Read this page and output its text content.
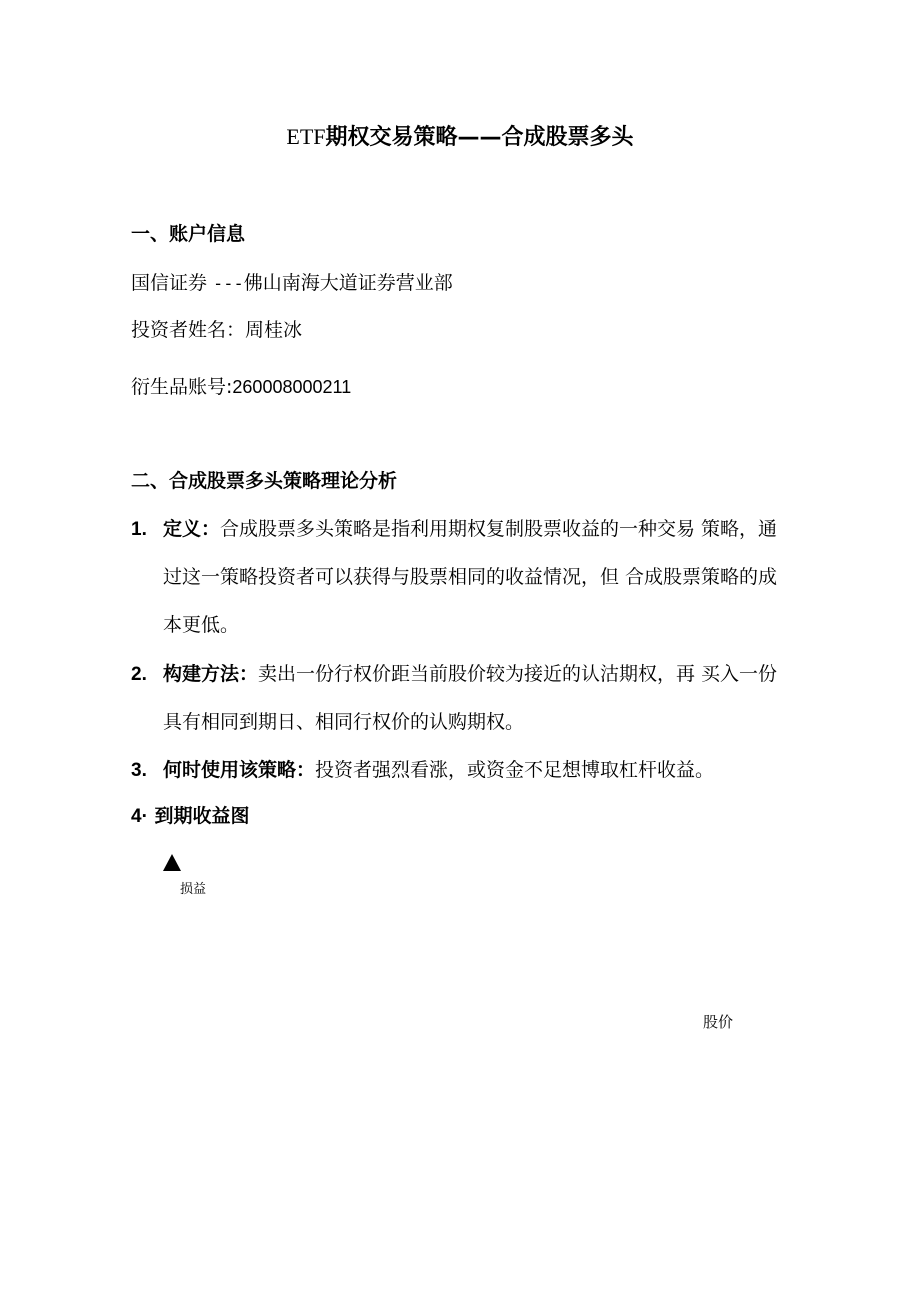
ETF期权交易策略——合成股票多头
一、账户信息
国信证券 ---佛山南海大道证券营业部
投资者姓名：周桂冰
衍生品账号:260008000211
二、合成股票多头策略理论分析
1. 定义：合成股票多头策略是指利用期权复制股票收益的一种交易 策略，通过这一策略投资者可以获得与股票相同的收益情况，但 合成股票策略的成本更低。
2. 构建方法：卖出一份行权价距当前股价较为接近的认沽期权，再 买入一份具有相同到期日、相同行权价的认购期权。
3. 何时使用该策略：投资者强烈看涨，或资金不足想博取杠杆收益。
4· 到期收益图
损益
股价
